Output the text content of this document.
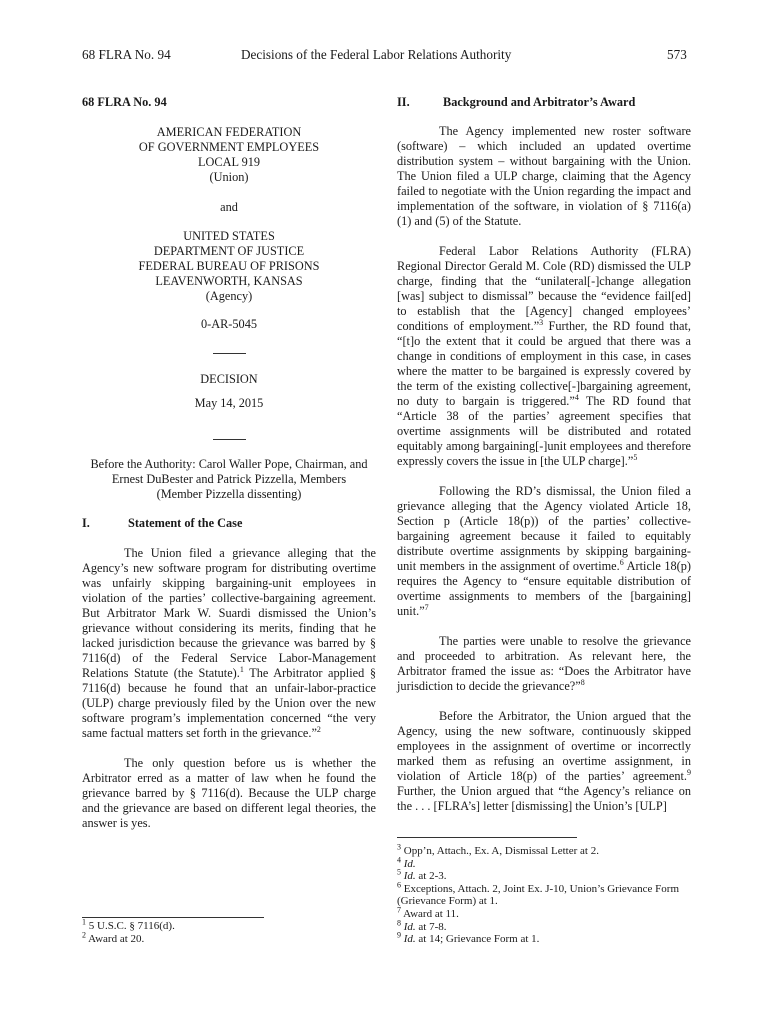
68 FLRA No. 94	Decisions of the Federal Labor Relations Authority	573

68 FLRA No. 94

AMERICAN FEDERATION
OF GOVERNMENT EMPLOYEES
LOCAL 919
(Union)
and
UNITED STATES
DEPARTMENT OF JUSTICE
FEDERAL BUREAU OF PRISONS
LEAVENWORTH, KANSAS
(Agency)
0-AR-5045
DECISION
May 14, 2015
Before the Authority: Carol Waller Pope, Chairman, and Ernest DuBester and Patrick Pizzella, Members
(Member Pizzella dissenting)
I.	Statement of the Case

The Union filed a grievance alleging that the Agency’s new software program for distributing overtime was unfairly skipping bargaining-unit employees in violation of the parties’ collective-bargaining agreement. But Arbitrator Mark W. Suardi dismissed the Union’s grievance without considering its merits, finding that he lacked jurisdiction because the grievance was barred by § 7116(d) of the Federal Service Labor-Management Relations Statute (the Statute).$^1$ The Arbitrator applied § 7116(d) because he found that an unfair-labor-practice (ULP) charge previously filed by the Union over the new software program’s implementation concerned “the very same factual matters set forth in the grievance.”$^2$

The only question before us is whether the Arbitrator erred as a matter of law when he found the grievance barred by § 7116(d). Because the ULP charge and the grievance are based on different legal theories, the answer is yes.

$^1$ 5 U.S.C. § 7116(d).

$^2$ Award at 20.

II.	Background and Arbitrator’s Award

The Agency implemented new roster software (software) – which included an updated overtime distribution system – without bargaining with the Union. The Union filed a ULP charge, claiming that the Agency failed to negotiate with the Union regarding the impact and implementation of the software, in violation of § 7116(a)(1) and (5) of the Statute.

Federal Labor Relations Authority (FLRA) Regional Director Gerald M. Cole (RD) dismissed the ULP charge, finding that the “unilateral[-]change allegation [was] subject to dismissal” because the “evidence fail[ed] to establish that the [Agency] changed employees’ conditions of employment.”$^3$ Further, the RD found that, “[t]o the extent that it could be argued that there was a change in conditions of employment in this case, in cases where the matter to be bargained is expressly covered by the term of the existing collective[-]bargaining agreement, no duty to bargain is triggered.”$^4$ The RD found that “Article 38 of the parties’ agreement specifies that overtime assignments will be distributed and rotated equitably among bargaining[-]unit employees and therefore expressly covers the issue in [the ULP charge].”$^5$

Following the RD’s dismissal, the Union filed a grievance alleging that the Agency violated Article 18, Section p (Article 18(p)) of the parties’ collective-bargaining agreement because it failed to equitably distribute overtime assignments by skipping bargaining-unit members in the assignment of overtime.$^6$ Article 18(p) requires the Agency to “ensure equitable distribution of overtime assignments to members of the [bargaining] unit.”$^7$

The parties were unable to resolve the grievance and proceeded to arbitration. As relevant here, the Arbitrator framed the issue as: “Does the Arbitrator have jurisdiction to decide the grievance?”$^8$

Before the Arbitrator, the Union argued that the Agency, using the new software, continuously skipped employees in the assignment of overtime or incorrectly marked them as refusing an overtime assignment, in violation of Article 18(p) of the parties’ agreement.$^9$ Further, the Union argued that “the Agency’s reliance on the . . . [FLRA’s] letter [dismissing] the Union’s [ULP]

$^3$ Opp’n, Attach., Ex. A, Dismissal Letter at 2.

$^4$ Id.

$^5$ Id. at 2-3.

$^6$ Exceptions, Attach. 2, Joint Ex. J-10, Union’s Grievance Form (Grievance Form) at 1.

$^7$ Award at 11.

$^8$ Id. at 7-8.

$^9$ Id. at 14; Grievance Form at 1.
